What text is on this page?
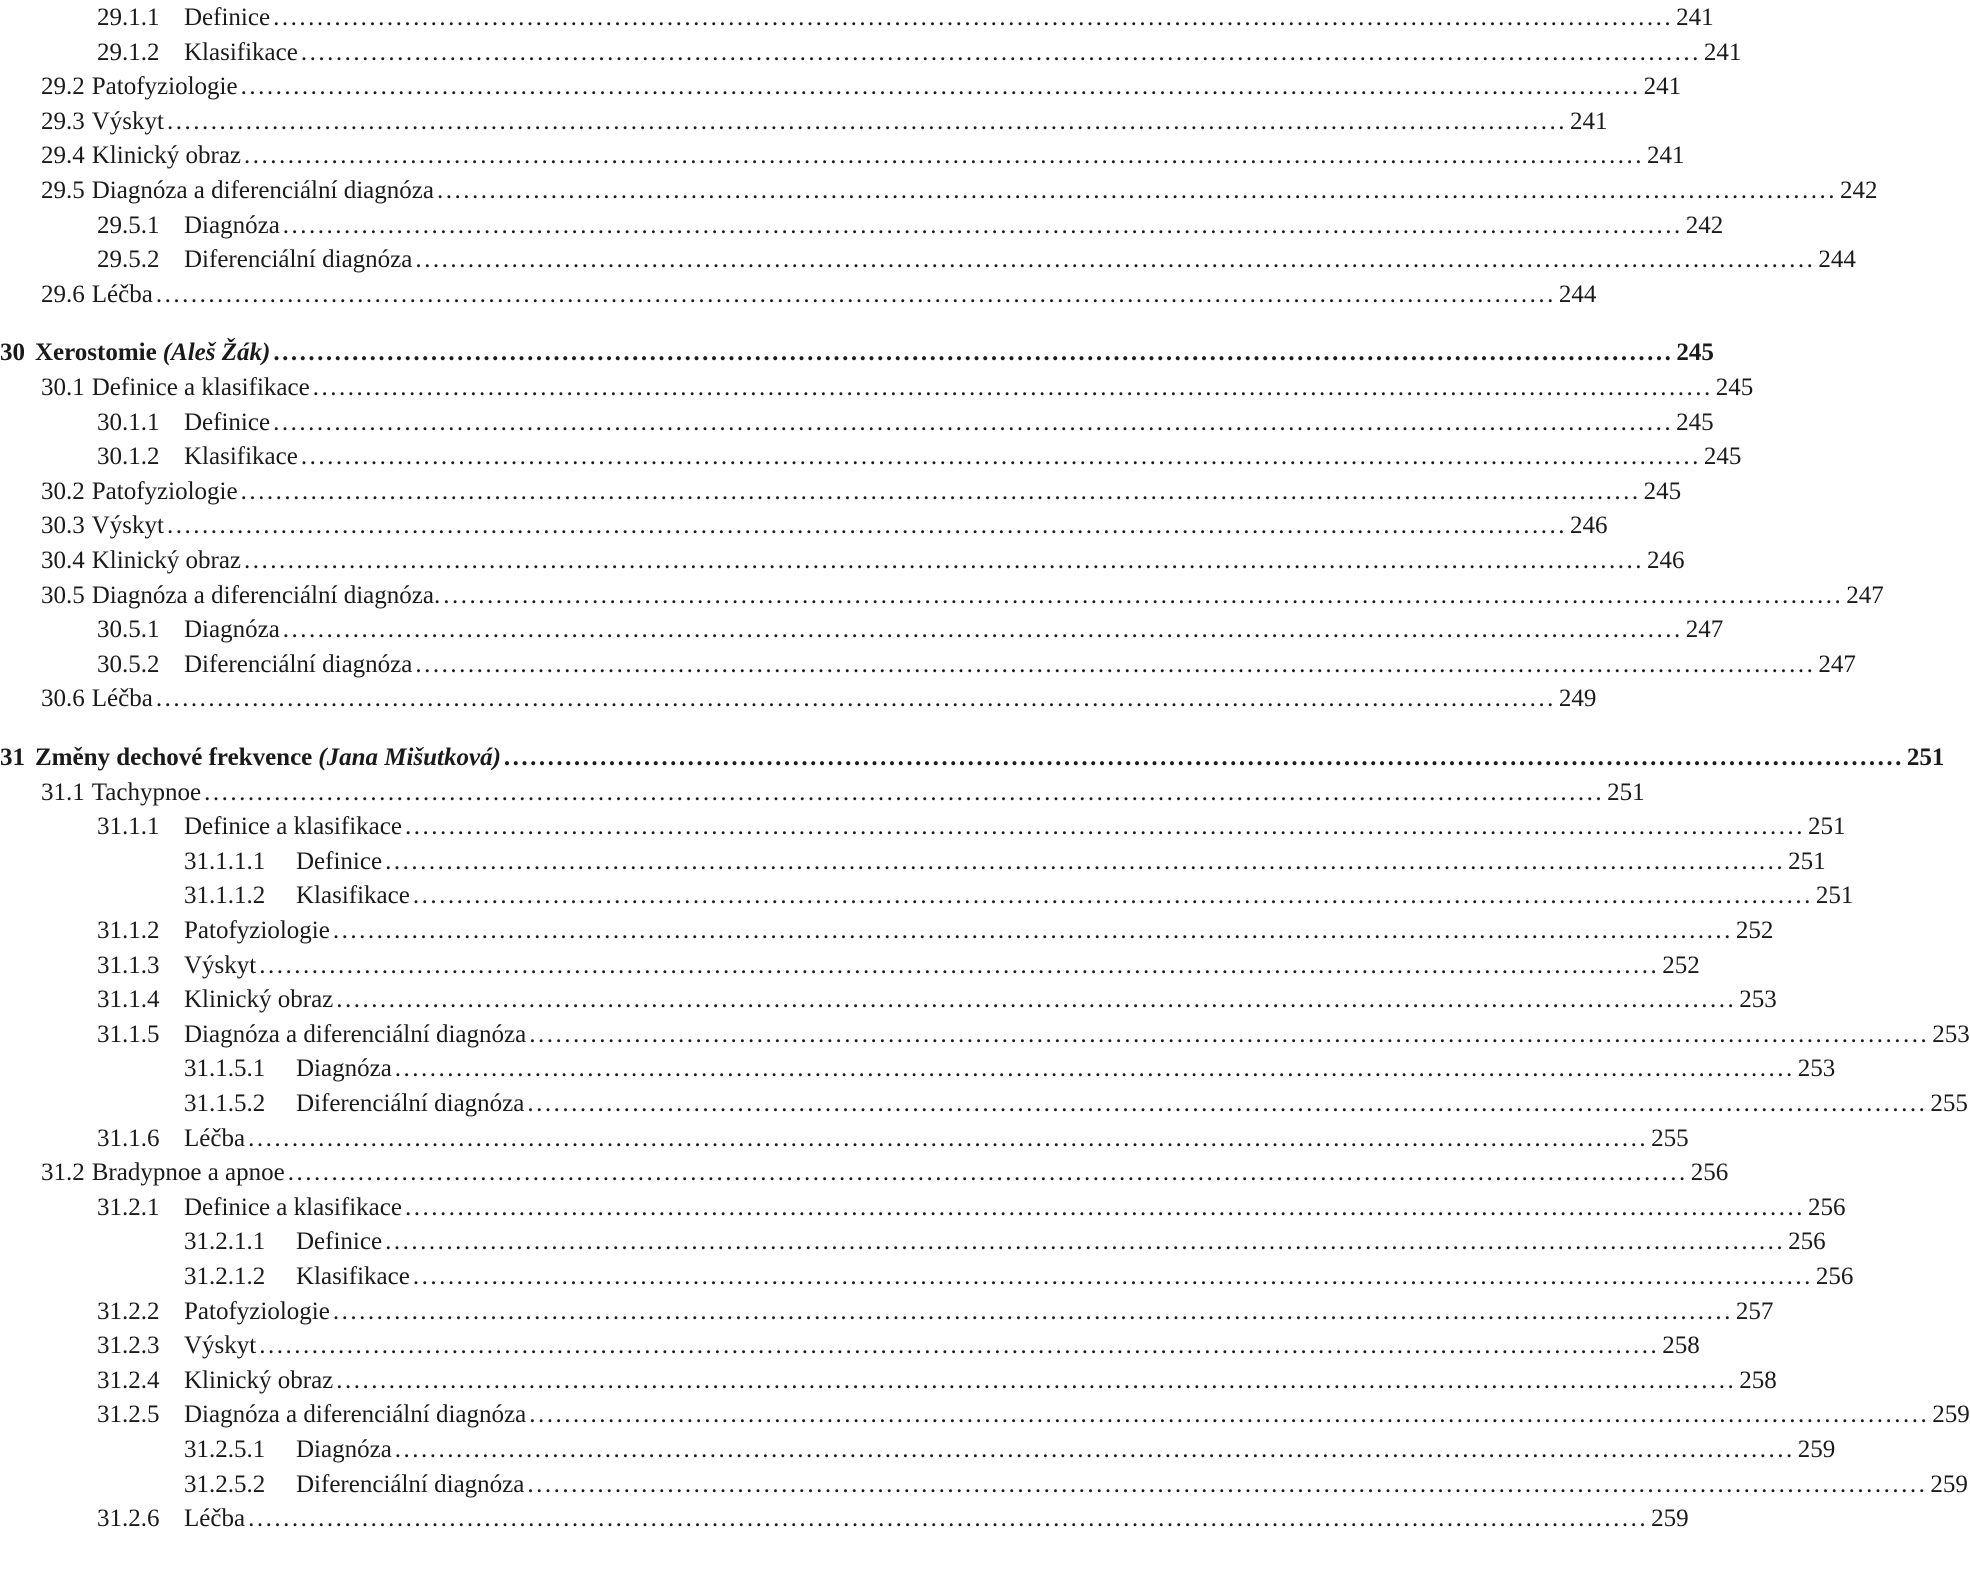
29.1.1 Definice ................................................................................................................................................................ 241
29.1.2 Klasifikace ................................................................................................................................................................ 241
29.2 Patofyziologie ................................................................................................................................................................ 241
29.3 Výskyt ................................................................................................................................................................ 241
29.4 Klinický obraz ................................................................................................................................................................ 241
29.5 Diagnóza a diferenciální diagnóza ................................................................................................................................................................ 242
29.5.1 Diagnóza ................................................................................................................................................................ 242
29.5.2 Diferenciální diagnóza ................................................................................................................................................................ 244
29.6 Léčba ................................................................................................................................................................ 244
30 Xerostomie (Aleš Žák) ................................................................................................................................................................ 245
30.1 Definice a klasifikace ................................................................................................................................................................ 245
30.1.1 Definice ................................................................................................................................................................ 245
30.1.2 Klasifikace ................................................................................................................................................................ 245
30.2 Patofyziologie ................................................................................................................................................................ 245
30.3 Výskyt ................................................................................................................................................................ 246
30.4 Klinický obraz ................................................................................................................................................................ 246
30.5 Diagnóza a diferenciální diagnóza. ................................................................................................................................................................ 247
30.5.1 Diagnóza ................................................................................................................................................................ 247
30.5.2 Diferenciální diagnóza ................................................................................................................................................................ 247
30.6 Léčba ................................................................................................................................................................ 249
31 Změny dechové frekvence (Jana Mišutková) ................................................................................................................................................................ 251
31.1 Tachypnoe ................................................................................................................................................................ 251
31.1.1 Definice a klasifikace ................................................................................................................................................................ 251
31.1.1.1 Definice ................................................................................................................................................................ 251
31.1.1.2 Klasifikace ................................................................................................................................................................ 251
31.1.2 Patofyziologie ................................................................................................................................................................ 252
31.1.3 Výskyt ................................................................................................................................................................ 252
31.1.4 Klinický obraz ................................................................................................................................................................ 253
31.1.5 Diagnóza a diferenciální diagnóza ................................................................................................................................................................ 253
31.1.5.1 Diagnóza ................................................................................................................................................................ 253
31.1.5.2 Diferenciální diagnóza ................................................................................................................................................................ 255
31.1.6 Léčba ................................................................................................................................................................ 255
31.2 Bradypnoe a apnoe ................................................................................................................................................................ 256
31.2.1 Definice a klasifikace ................................................................................................................................................................ 256
31.2.1.1 Definice ................................................................................................................................................................ 256
31.2.1.2 Klasifikace ................................................................................................................................................................ 256
31.2.2 Patofyziologie ................................................................................................................................................................ 257
31.2.3 Výskyt ................................................................................................................................................................ 258
31.2.4 Klinický obraz ................................................................................................................................................................ 258
31.2.5 Diagnóza a diferenciální diagnóza ................................................................................................................................................................ 259
31.2.5.1 Diagnóza ................................................................................................................................................................ 259
31.2.5.2 Diferenciální diagnóza ................................................................................................................................................................ 259
31.2.6 Léčba ................................................................................................................................................................ 259
